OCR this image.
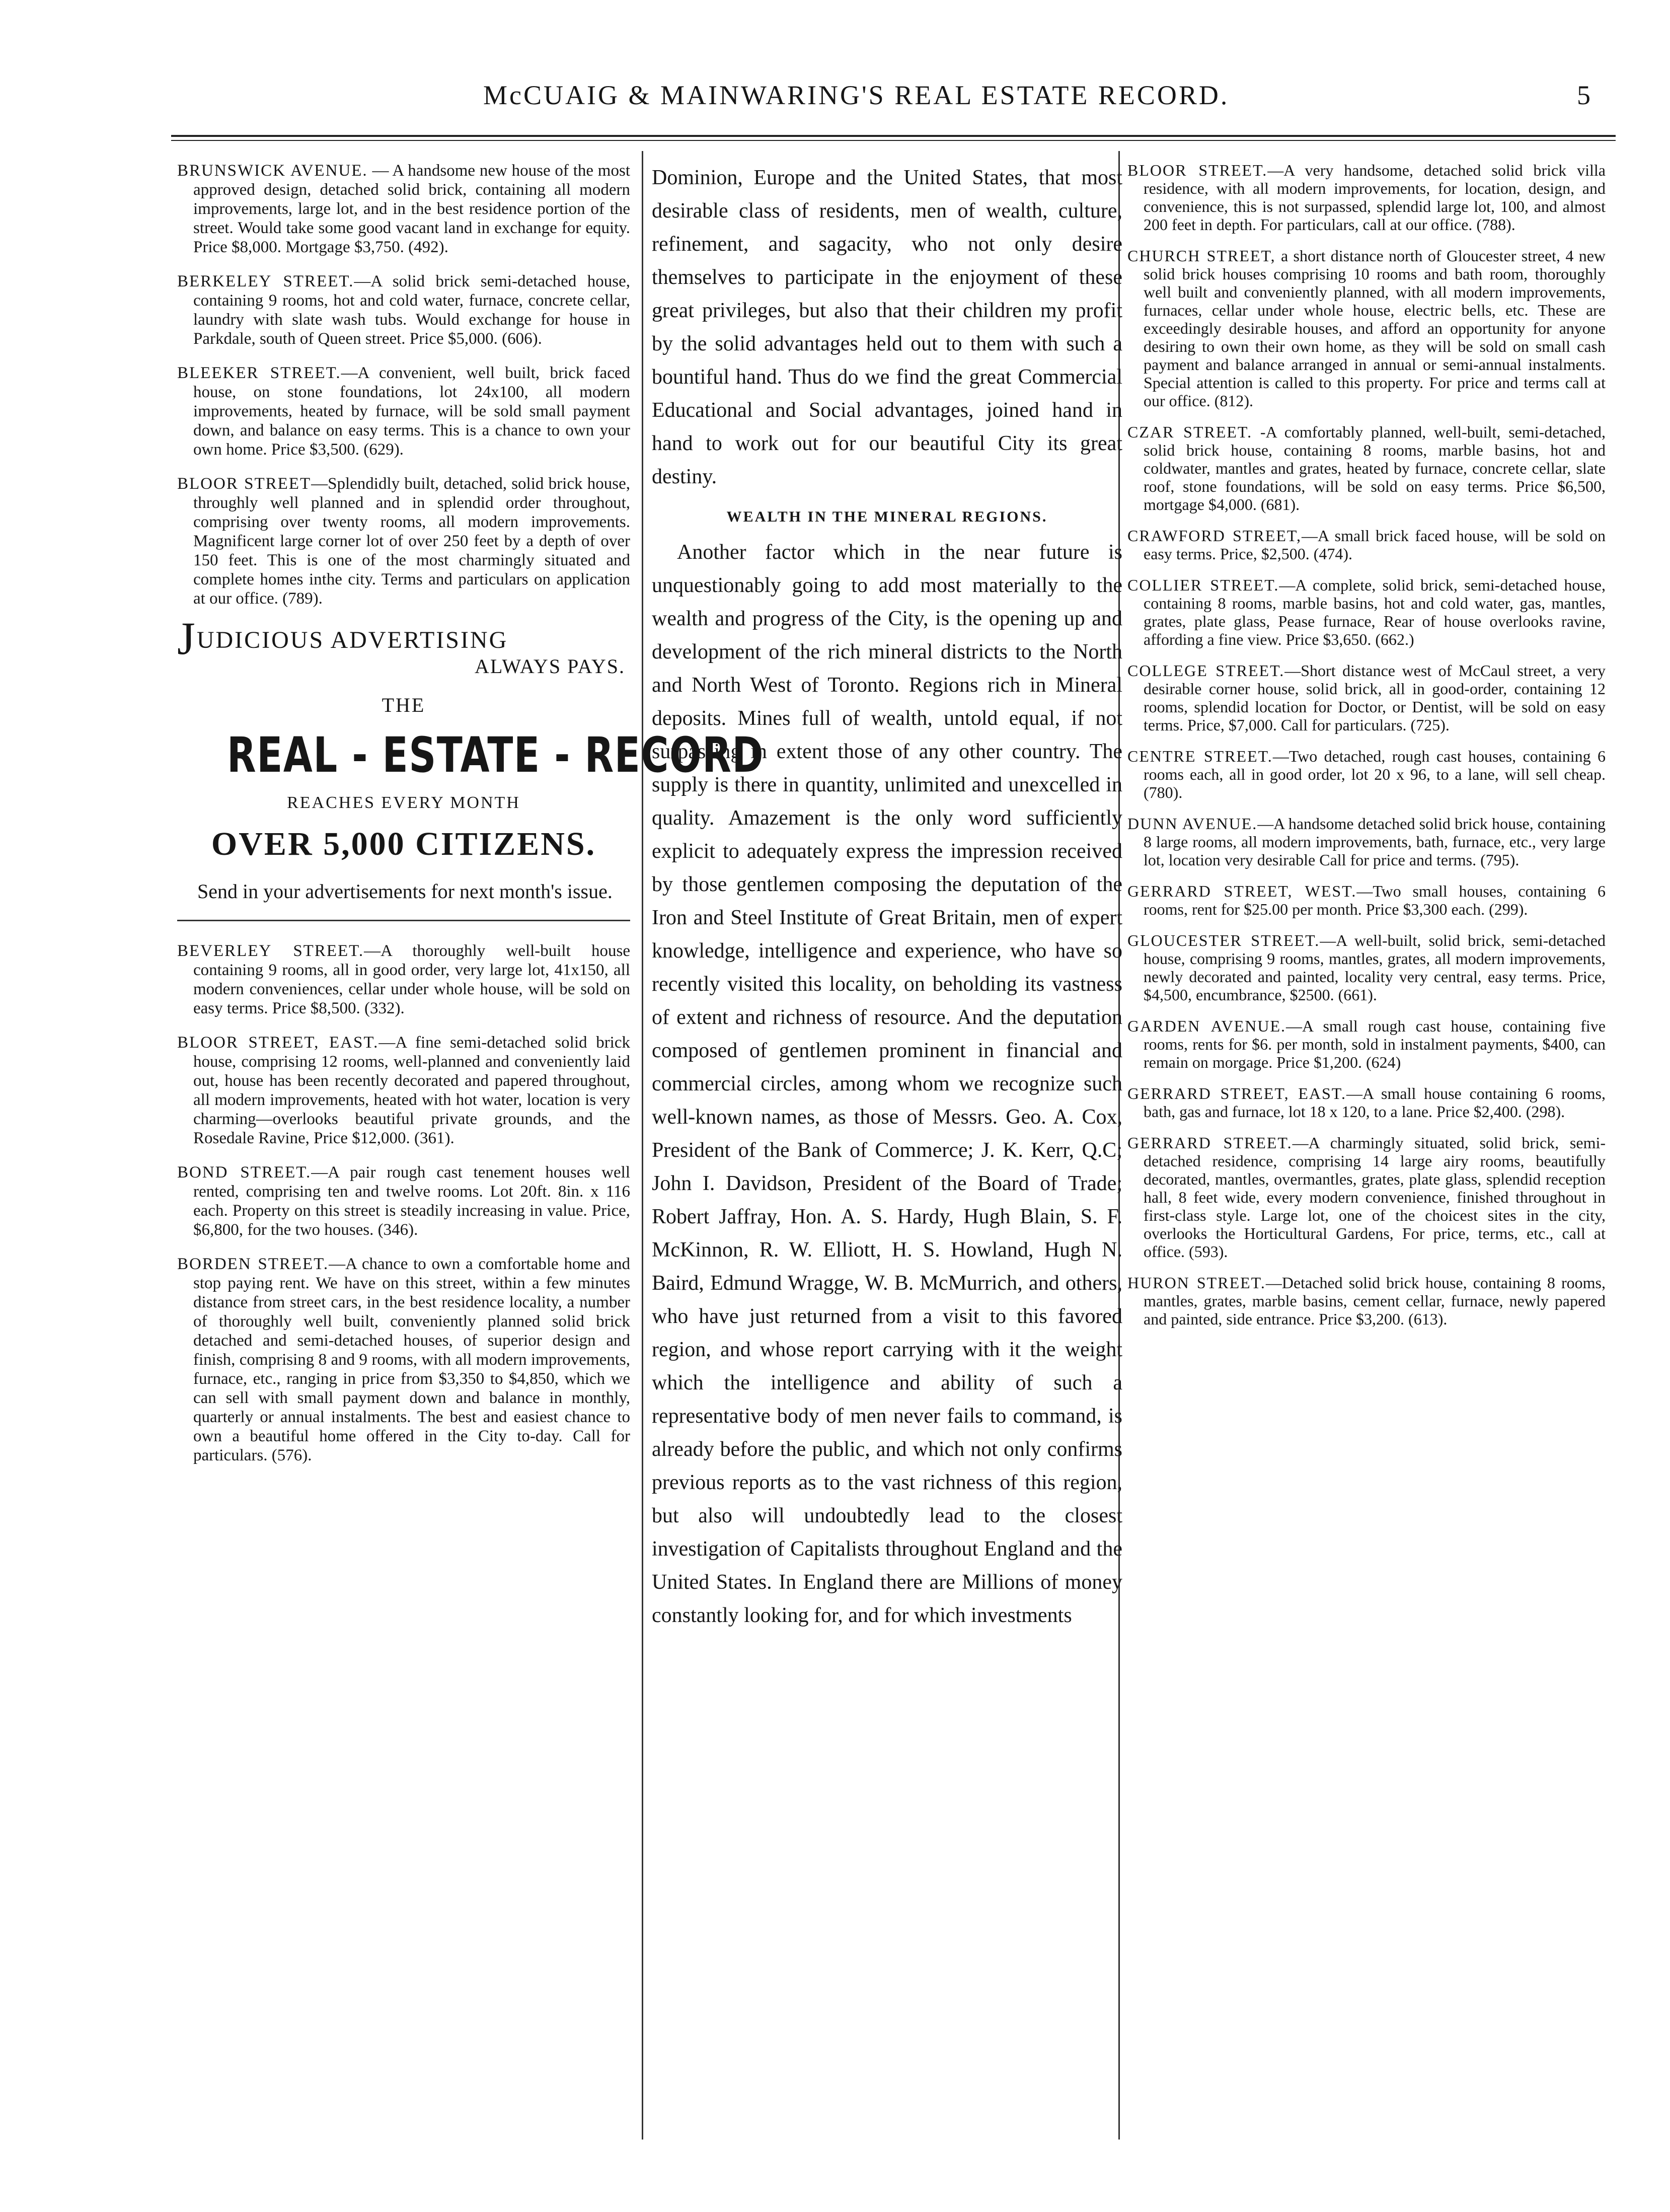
McCUAIG & MAINWARING'S REAL ESTATE RECORD.	5

BRUNSWICK AVENUE. — A handsome new house of the most approved design, detached solid brick, containing all modern improvements, large lot, and in the best residence portion of the street. Would take some good vacant land in exchange for equity. Price $8,000. Mortgage $3,750. (492).

BERKELEY STREET.—A solid brick semi-detached house, containing 9 rooms, hot and cold water, furnace, concrete cellar, laundry with slate wash tubs. Would exchange for house in Parkdale, south of Queen street. Price $5,000. (606).

BLEEKER STREET.—A convenient, well built, brick faced house, on stone foundations, lot 24x100, all modern improvements, heated by furnace, will be sold small payment down, and balance on easy terms. This is a chance to own your own home. Price $3,500. (629).

BLOOR STREET—Splendidly built, detached, solid brick house, throughly well planned and in splendid order throughout, comprising over twenty rooms, all modern improvements. Magnificent large corner lot of over 250 feet by a depth of over 150 feet. This is one of the most charmingly situated and complete homes inthe city. Terms and particulars on application at our office. (789).

JUDICIOUS ADVERTISING
ALWAYS PAYS.
THE
REAL - ESTATE - RECORD
REACHES EVERY MONTH
OVER 5,000 CITIZENS.
Send in your advertisements for next month's issue.

BEVERLEY STREET.—A thoroughly well-built house containing 9 rooms, all in good order, very large lot, 41x150, all modern conveniences, cellar under whole house, will be sold on easy terms. Price $8,500. (332).

BLOOR STREET, EAST.—A fine semi-detached solid brick house, comprising 12 rooms, well-planned and conveniently laid out, house has been recently decorated and papered throughout, all modern improvements, heated with hot water, location is very charming—overlooks beautiful private grounds, and the Rosedale Ravine, Price $12,000. (361).

BOND STREET.—A pair rough cast tenement houses well rented, comprising ten and twelve rooms. Lot 20ft. 8in. x 116 each. Property on this street is steadily increasing in value. Price, $6,800, for the two houses. (346).

BORDEN STREET.—A chance to own a comfortable home and stop paying rent. We have on this street, within a few minutes distance from street cars, in the best residence locality, a number of thoroughly well built, conveniently planned solid brick detached and semi-detached houses, of superior design and finish, comprising 8 and 9 rooms, with all modern improvements, furnace, etc., ranging in price from $3,350 to $4,850, which we can sell with small payment down and balance in monthly, quarterly or annual instalments. The best and easiest chance to own a beautiful home offered in the City to-day. Call for particulars. (576).

Dominion, Europe and the United States, that most desirable class of residents, men of wealth, culture, refinement, and sagacity, who not only desire themselves to participate in the enjoyment of these great privileges, but also that their children my profit by the solid advantages held out to them with such a bountiful hand. Thus do we find the great Commercial Educational and Social advantages, joined hand in hand to work out for our beautiful City its great destiny.

WEALTH IN THE MINERAL REGIONS.

Another factor which in the near future is unquestionably going to add most materially to the wealth and progress of the City, is the opening up and development of the rich mineral districts to the North and North West of Toronto. Regions rich in Mineral deposits. Mines full of wealth, untold equal, if not surpassing in extent those of any other country. The supply is there in quantity, unlimited and unexcelled in quality. Amazement is the only word sufficiently explicit to adequately express the impression received by those gentlemen composing the deputation of the Iron and Steel Institute of Great Britain, men of expert knowledge, intelligence and experience, who have so recently visited this locality, on beholding its vastness of extent and richness of resource. And the deputation composed of gentlemen prominent in financial and commercial circles, among whom we recognize such well-known names, as those of Messrs. Geo. A. Cox, President of the Bank of Commerce; J. K. Kerr, Q.C; John I. Davidson, President of the Board of Trade; Robert Jaffray, Hon. A. S. Hardy, Hugh Blain, S. F. McKinnon, R. W. Elliott, H. S. Howland, Hugh N. Baird, Edmund Wragge, W. B. McMurrich, and others, who have just returned from a visit to this favored region, and whose report carrying with it the weight which the intelligence and ability of such a representative body of men never fails to command, is already before the public, and which not only confirms previous reports as to the vast richness of this region, but also will undoubtedly lead to the closest investigation of Capitalists throughout England and the United States. In England there are Millions of money constantly looking for, and for which investments

BLOOR STREET.—A very handsome, detached solid brick villa residence, with all modern improvements, for location, design, and convenience, this is not surpassed, splendid large lot, 100, and almost 200 feet in depth. For particulars, call at our office. (788).

CHURCH STREET, a short distance north of Gloucester street, 4 new solid brick houses comprising 10 rooms and bath room, thoroughly well built and conveniently planned, with all modern improvements, furnaces, cellar under whole house, electric bells, etc. These are exceedingly desirable houses, and afford an opportunity for anyone desiring to own their own home, as they will be sold on small cash payment and balance arranged in annual or semi-annual instalments. Special attention is called to this property. For price and terms call at our office. (812).

CZAR STREET. -A comfortably planned, well-built, semi-detached, solid brick house, containing 8 rooms, marble basins, hot and coldwater, mantles and grates, heated by furnace, concrete cellar, slate roof, stone foundations, will be sold on easy terms. Price $6,500, mortgage $4,000. (681).

CRAWFORD STREET,—A small brick faced house, will be sold on easy terms. Price, $2,500. (474).

COLLIER STREET.—A complete, solid brick, semi-detached house, containing 8 rooms, marble basins, hot and cold water, gas, mantles, grates, plate glass, Pease furnace, Rear of house overlooks ravine, affording a fine view. Price $3,650. (662.)

COLLEGE STREET.—Short distance west of McCaul street, a very desirable corner house, solid brick, all in good-order, containing 12 rooms, splendid location for Doctor, or Dentist, will be sold on easy terms. Price, $7,000. Call for particulars. (725).

CENTRE STREET.—Two detached, rough cast houses, containing 6 rooms each, all in good order, lot 20 x 96, to a lane, will sell cheap. (780).

DUNN AVENUE.—A handsome detached solid brick house, containing 8 large rooms, all modern improvements, bath, furnace, etc., very large lot, location very desirable Call for price and terms. (795).

GERRARD STREET, WEST.—Two small houses, containing 6 rooms, rent for $25.00 per month. Price $3,300 each. (299).

GLOUCESTER STREET.—A well-built, solid brick, semi-detached house, comprising 9 rooms, mantles, grates, all modern improvements, newly decorated and painted, locality very central, easy terms. Price, $4,500, encumbrance, $2500. (661).

GARDEN AVENUE.—A small rough cast house, containing five rooms, rents for $6. per month, sold in instalment payments, $400, can remain on morgage. Price $1,200. (624)

GERRARD STREET, EAST.—A small house containing 6 rooms, bath, gas and furnace, lot 18 x 120, to a lane. Price $2,400. (298).

GERRARD STREET.—A charmingly situated, solid brick, semi-detached residence, comprising 14 large airy rooms, beautifully decorated, mantles, overmantles, grates, plate glass, splendid reception hall, 8 feet wide, every modern convenience, finished throughout in first-class style. Large lot, one of the choicest sites in the city, overlooks the Horticultural Gardens, For price, terms, etc., call at office. (593).

HURON STREET.—Detached solid brick house, containing 8 rooms, mantles, grates, marble basins, cement cellar, furnace, newly papered and painted, side entrance. Price $3,200. (613).
